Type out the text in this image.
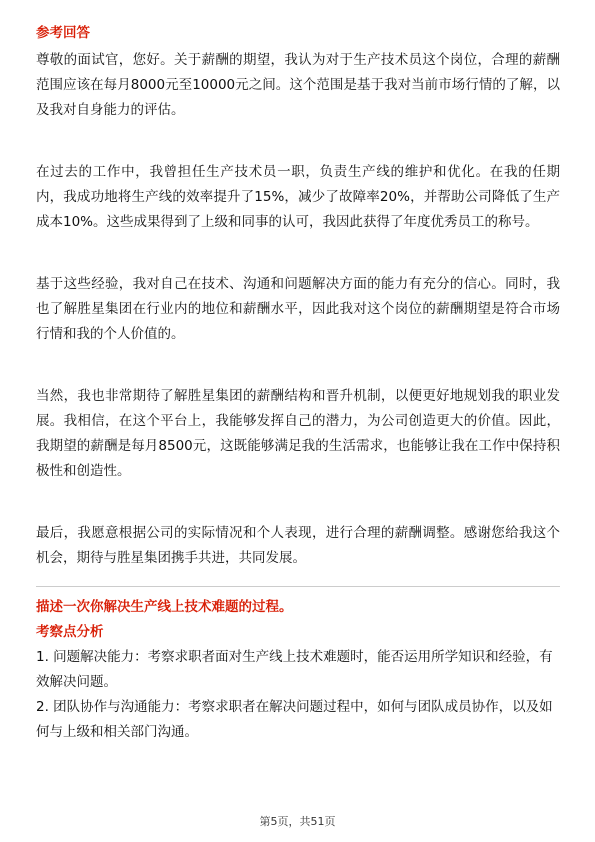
参考回答

尊敬的面试官，您好。关于薪酬的期望，我认为对于生产技术员这个岗位，合理的薪酬范围应该在每月8000元至10000元之间。这个范围是基于我对当前市场行情的了解，以及我对自身能力的评估。

在过去的工作中，我曾担任生产技术员一职，负责生产线的维护和优化。在我的任期内，我成功地将生产线的效率提升了15%，减少了故障率20%，并帮助公司降低了生产成本10%。这些成果得到了上级和同事的认可，我因此获得了年度优秀员工的称号。

基于这些经验，我对自己在技术、沟通和问题解决方面的能力有充分的信心。同时，我也了解胜星集团在行业内的地位和薪酬水平，因此我对这个岗位的薪酬期望是符合市场行情和我的个人价值的。

当然，我也非常期待了解胜星集团的薪酬结构和晋升机制，以便更好地规划我的职业发展。我相信，在这个平台上，我能够发挥自己的潜力，为公司创造更大的价值。因此，我期望的薪酬是每月8500元，这既能够满足我的生活需求，也能够让我在工作中保持积极性和创造性。

最后，我愿意根据公司的实际情况和个人表现，进行合理的薪酬调整。感谢您给我这个机会，期待与胜星集团携手共进，共同发展。

描述一次你解决生产线上技术难题的过程。
考察点分析

1. 问题解决能力：考察求职者面对生产线上技术难题时，能否运用所学知识和经验，有效解决问题。

2. 团队协作与沟通能力：考察求职者在解决问题过程中，如何与团队成员协作，以及如何与上级和相关部门沟通。

第5页，共51页
